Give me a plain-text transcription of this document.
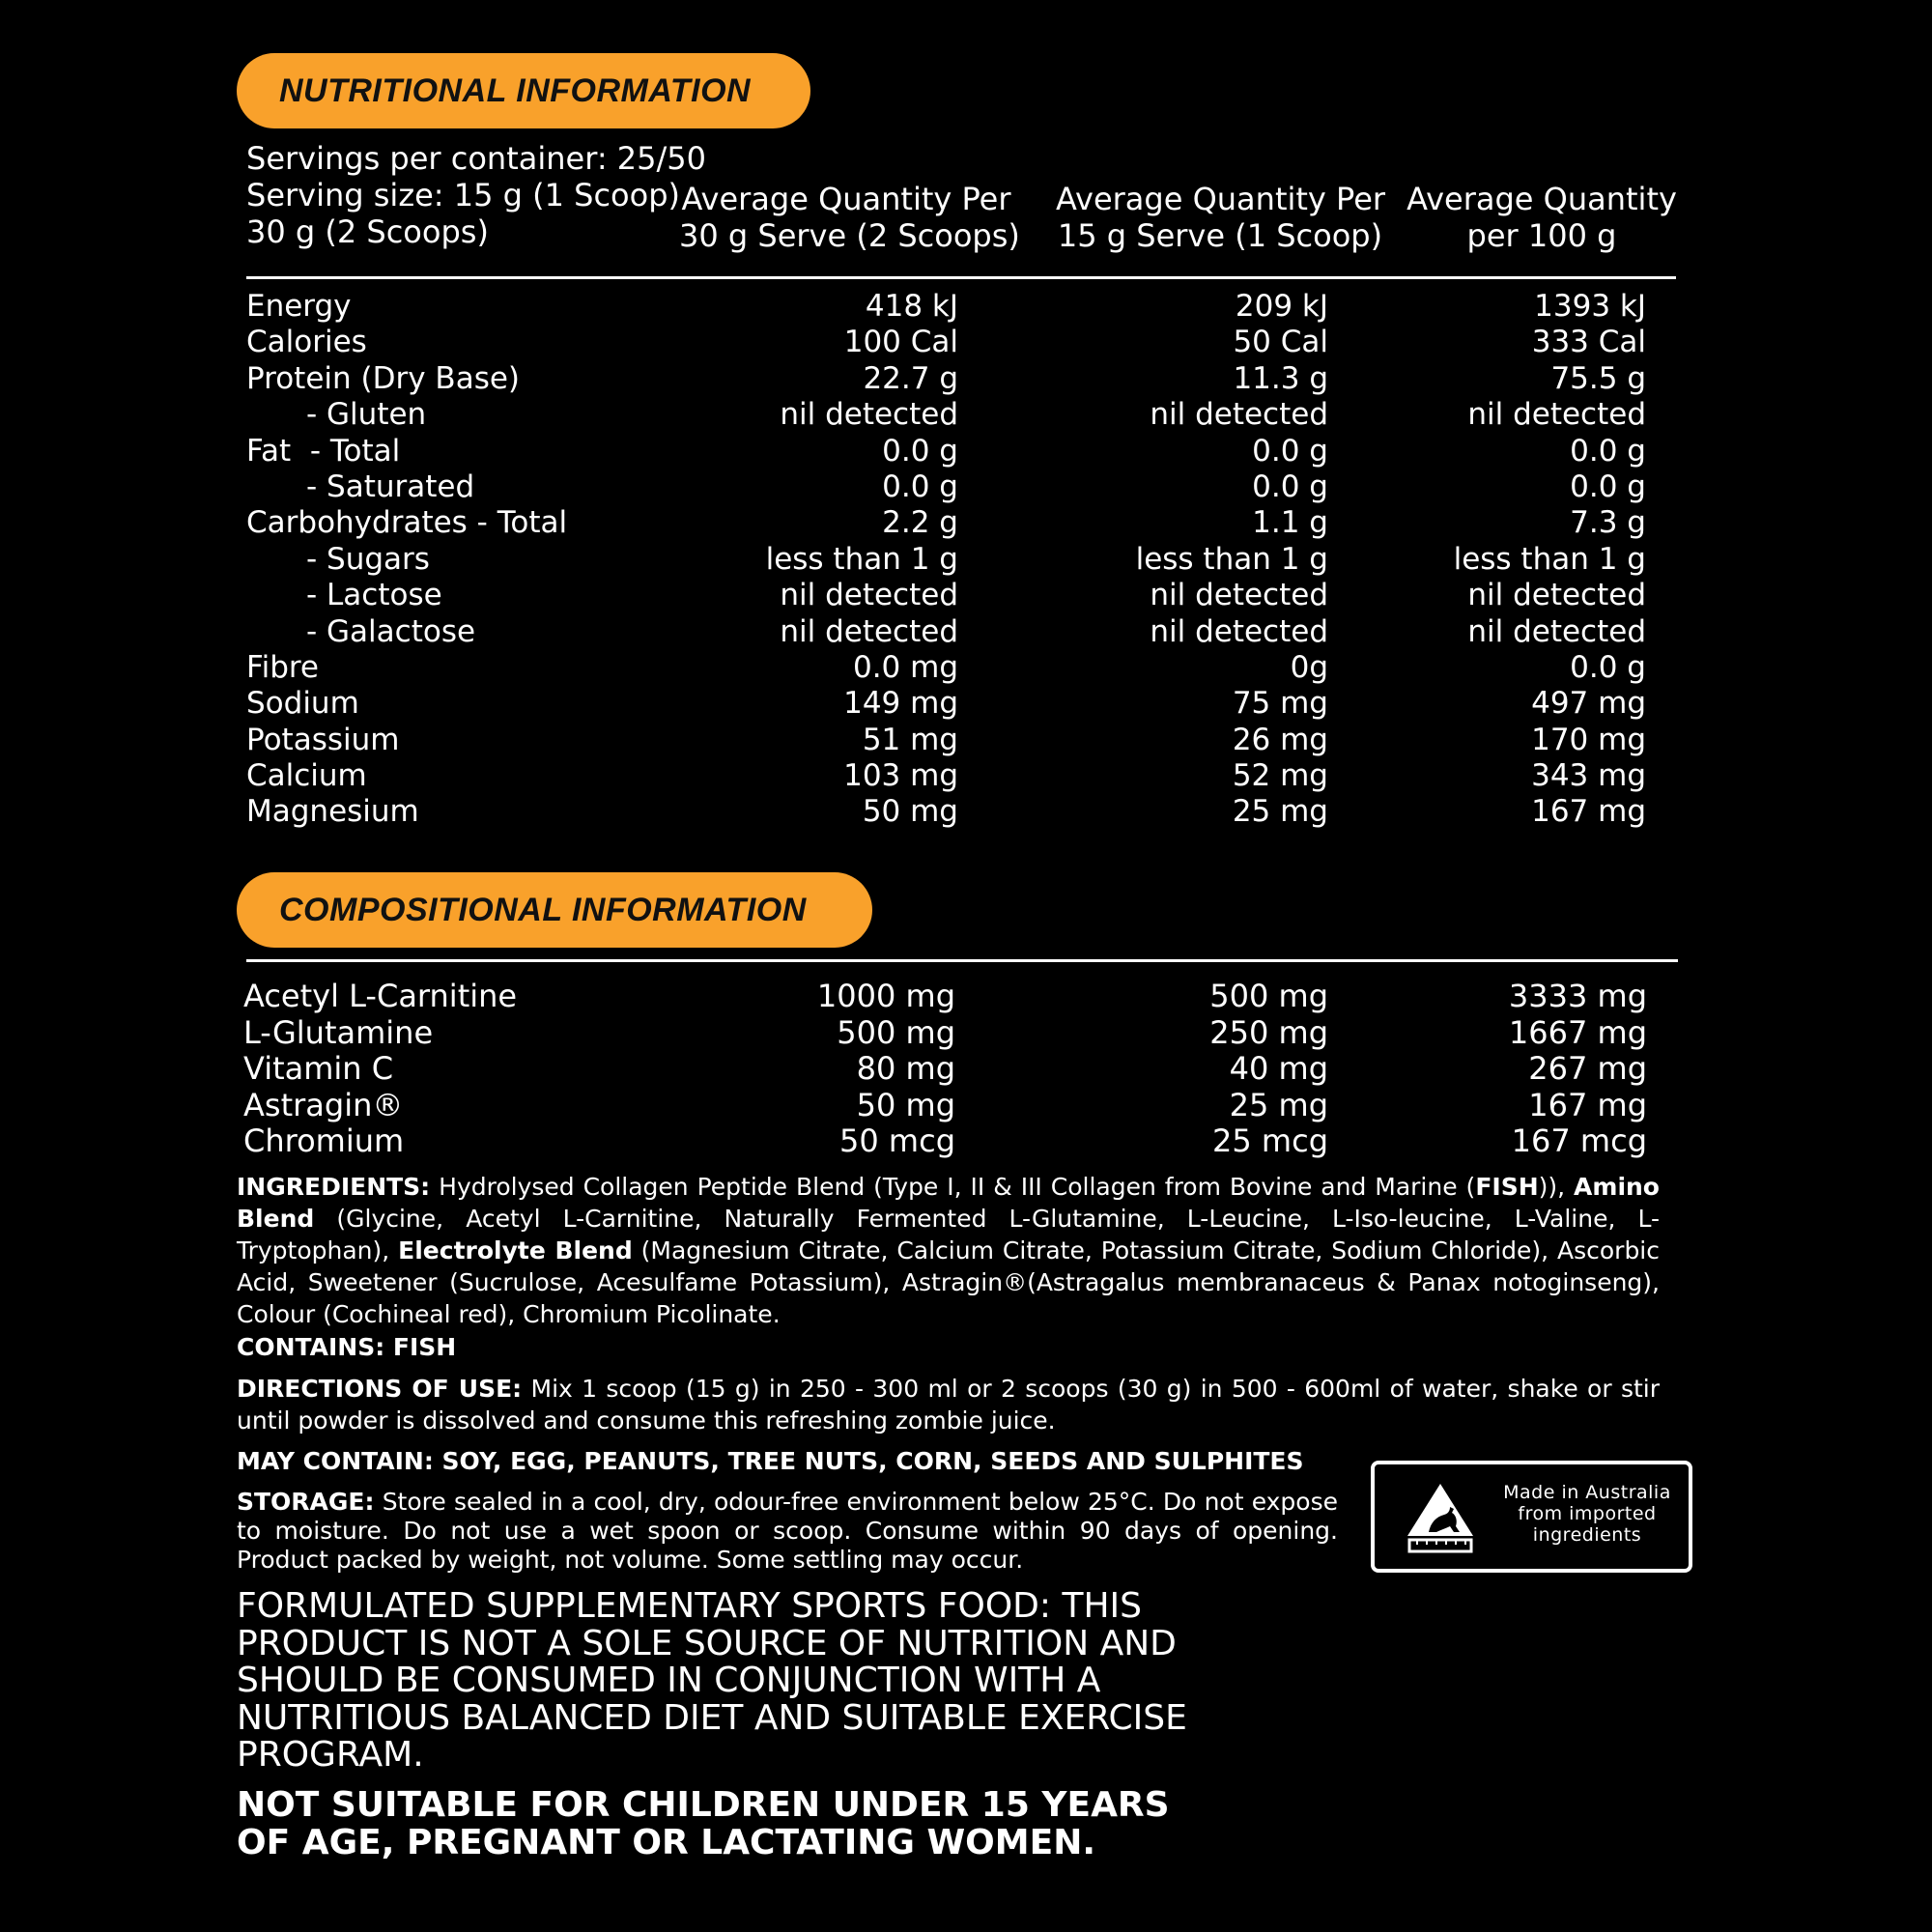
NUTRITIONAL INFORMATION
Servings per container: 25/50
Serving size: 15 g (1 Scoop)
30 g (2 Scoops)
Average Quantity Per
30 g Serve (2 Scoops)
Average Quantity Per
15 g Serve (1 Scoop)
Average Quantity
per 100 g
Energy	418 kJ	209 kJ	1393 kJ
Calories	100 Cal	50 Cal	333 Cal
Protein (Dry Base)	22.7 g	11.3 g	75.5 g
- Gluten	nil detected	nil detected	nil detected
Fat  - Total	0.0 g	0.0 g	0.0 g
- Saturated	0.0 g	0.0 g	0.0 g
Carbohydrates - Total	2.2 g	1.1 g	7.3 g
- Sugars	less than 1 g	less than 1 g	less than 1 g
- Lactose	nil detected	nil detected	nil detected
- Galactose	nil detected	nil detected	nil detected
Fibre	0.0 mg	0g	0.0 g
Sodium	149 mg	75 mg	497 mg
Potassium	51 mg	26 mg	170 mg
Calcium	103 mg	52 mg	343 mg
Magnesium	50 mg	25 mg	167 mg
COMPOSITIONAL INFORMATION
Acetyl L-Carnitine	1000 mg	500 mg	3333 mg
L-Glutamine	500 mg	250 mg	1667 mg
Vitamin C	80 mg	40 mg	267 mg
Astragin®	50 mg	25 mg	167 mg
Chromium	50 mcg	25 mcg	167 mcg
INGREDIENTS: Hydrolysed Collagen Peptide Blend (Type I, II & III Collagen from Bovine and Marine (FISH)), Amino Blend (Glycine, Acetyl L-Carnitine, Naturally Fermented L-Glutamine, L-Leucine, L-Iso-leucine, L-Valine, L-Tryptophan), Electrolyte Blend (Magnesium Citrate, Calcium Citrate, Potassium Citrate, Sodium Chloride), Ascorbic Acid, Sweetener (Sucrulose, Acesulfame Potassium), Astragin®(Astragalus membranaceus & Panax notoginseng), Colour (Cochineal red), Chromium Picolinate.
CONTAINS: FISH
DIRECTIONS OF USE: Mix 1 scoop (15 g) in 250 - 300 ml or 2 scoops (30 g) in 500 - 600ml of water, shake or stir until powder is dissolved and consume this refreshing zombie juice.
MAY CONTAIN: SOY, EGG, PEANUTS, TREE NUTS, CORN, SEEDS AND SULPHITES
STORAGE: Store sealed in a cool, dry, odour-free environment below 25°C. Do not expose to moisture. Do not use a wet spoon or scoop. Consume within 90 days of opening. Product packed by weight, not volume. Some settling may occur.
Made in Australia
from imported
ingredients
FORMULATED SUPPLEMENTARY SPORTS FOOD: THIS PRODUCT IS NOT A SOLE SOURCE OF NUTRITION AND SHOULD BE CONSUMED IN CONJUNCTION WITH A NUTRITIOUS BALANCED DIET AND SUITABLE EXERCISE PROGRAM.
NOT SUITABLE FOR CHILDREN UNDER 15 YEARS OF AGE, PREGNANT OR LACTATING WOMEN.
